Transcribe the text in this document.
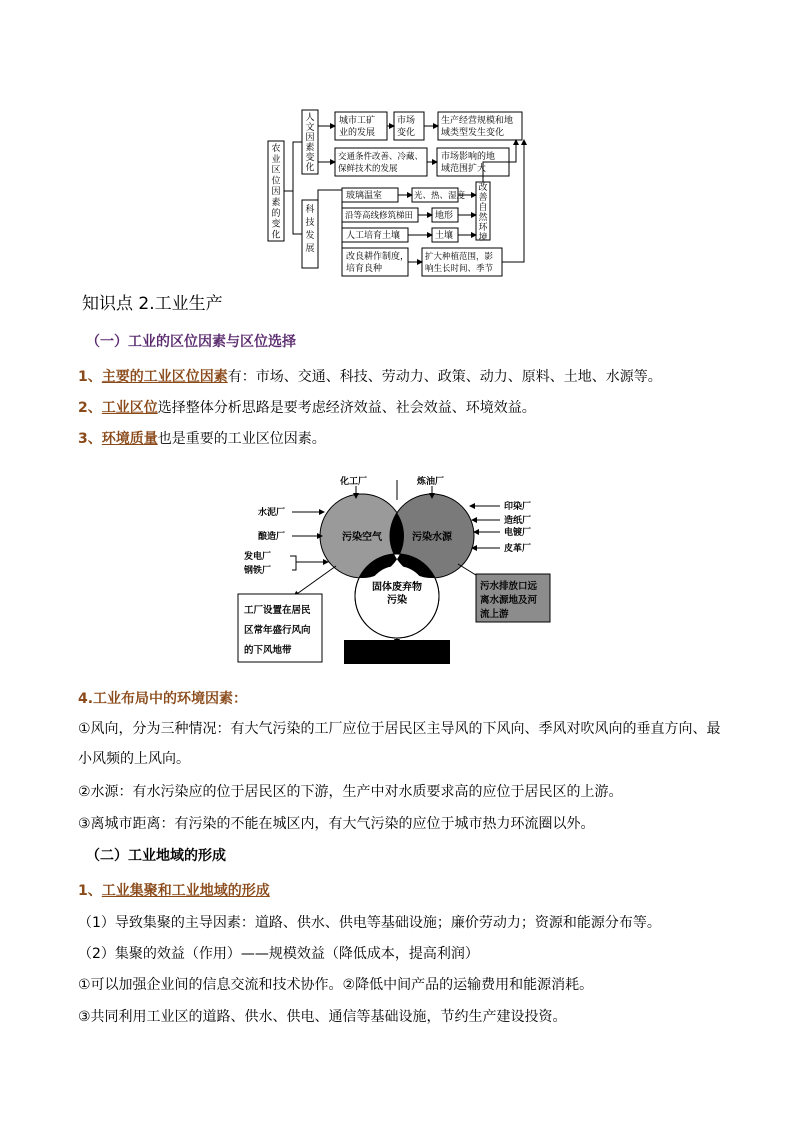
农业区位因素的变化
人文因素变化
科技发展
城市工矿
业的发展
市场
变化
生产经营规模和地
域类型发生变化
交通条件改善、冷藏、
保鲜技术的发展
市场影响的地
域范围扩大
玻璃温室	光、热、湿度
沿等高线修筑梯田 地形
人工培育土壤	土壤
改善自然环境
改良耕作制度，
培育良种
扩大种植范围，影
响生长时间、季节
知识点 2.工业生产
（一）工业的区位因素与区位选择
1、主要的工业区位因素有：市场、交通、科技、劳动力、政策、动力、原料、土地、水源等。
2、工业区位选择整体分析思路是要考虑经济效益、社会效益、环境效益。
3、环境质量也是重要的工业区位因素。
化工厂	炼油厂
水泥厂
酿造厂
发电厂
钢铁厂
印染厂
造纸厂
电镀厂
皮革厂
污染空气	污染水源
固体废弃物
污染
工厂设置在居民
区常年盛行风向
的下风地带
污水排放口远
离水源地及河
流上游
4.工业布局中的环境因素：
①风向，分为三种情况：有大气污染的工厂应位于居民区主导风的下风向、季风对吹风向的垂直方向、最
小风频的上风向。
②水源：有水污染应的位于居民区的下游，生产中对水质要求高的应位于居民区的上游。
③离城市距离：有污染的不能在城区内，有大气污染的应位于城市热力环流圈以外。
（二）工业地域的形成
1、工业集聚和工业地域的形成
（1）导致集聚的主导因素：道路、供水、供电等基础设施；廉价劳动力；资源和能源分布等。
（2）集聚的效益（作用）——规模效益（降低成本，提高利润）
①可以加强企业间的信息交流和技术协作。②降低中间产品的运输费用和能源消耗。
③共同利用工业区的道路、供水、供电、通信等基础设施，节约生产建设投资。
